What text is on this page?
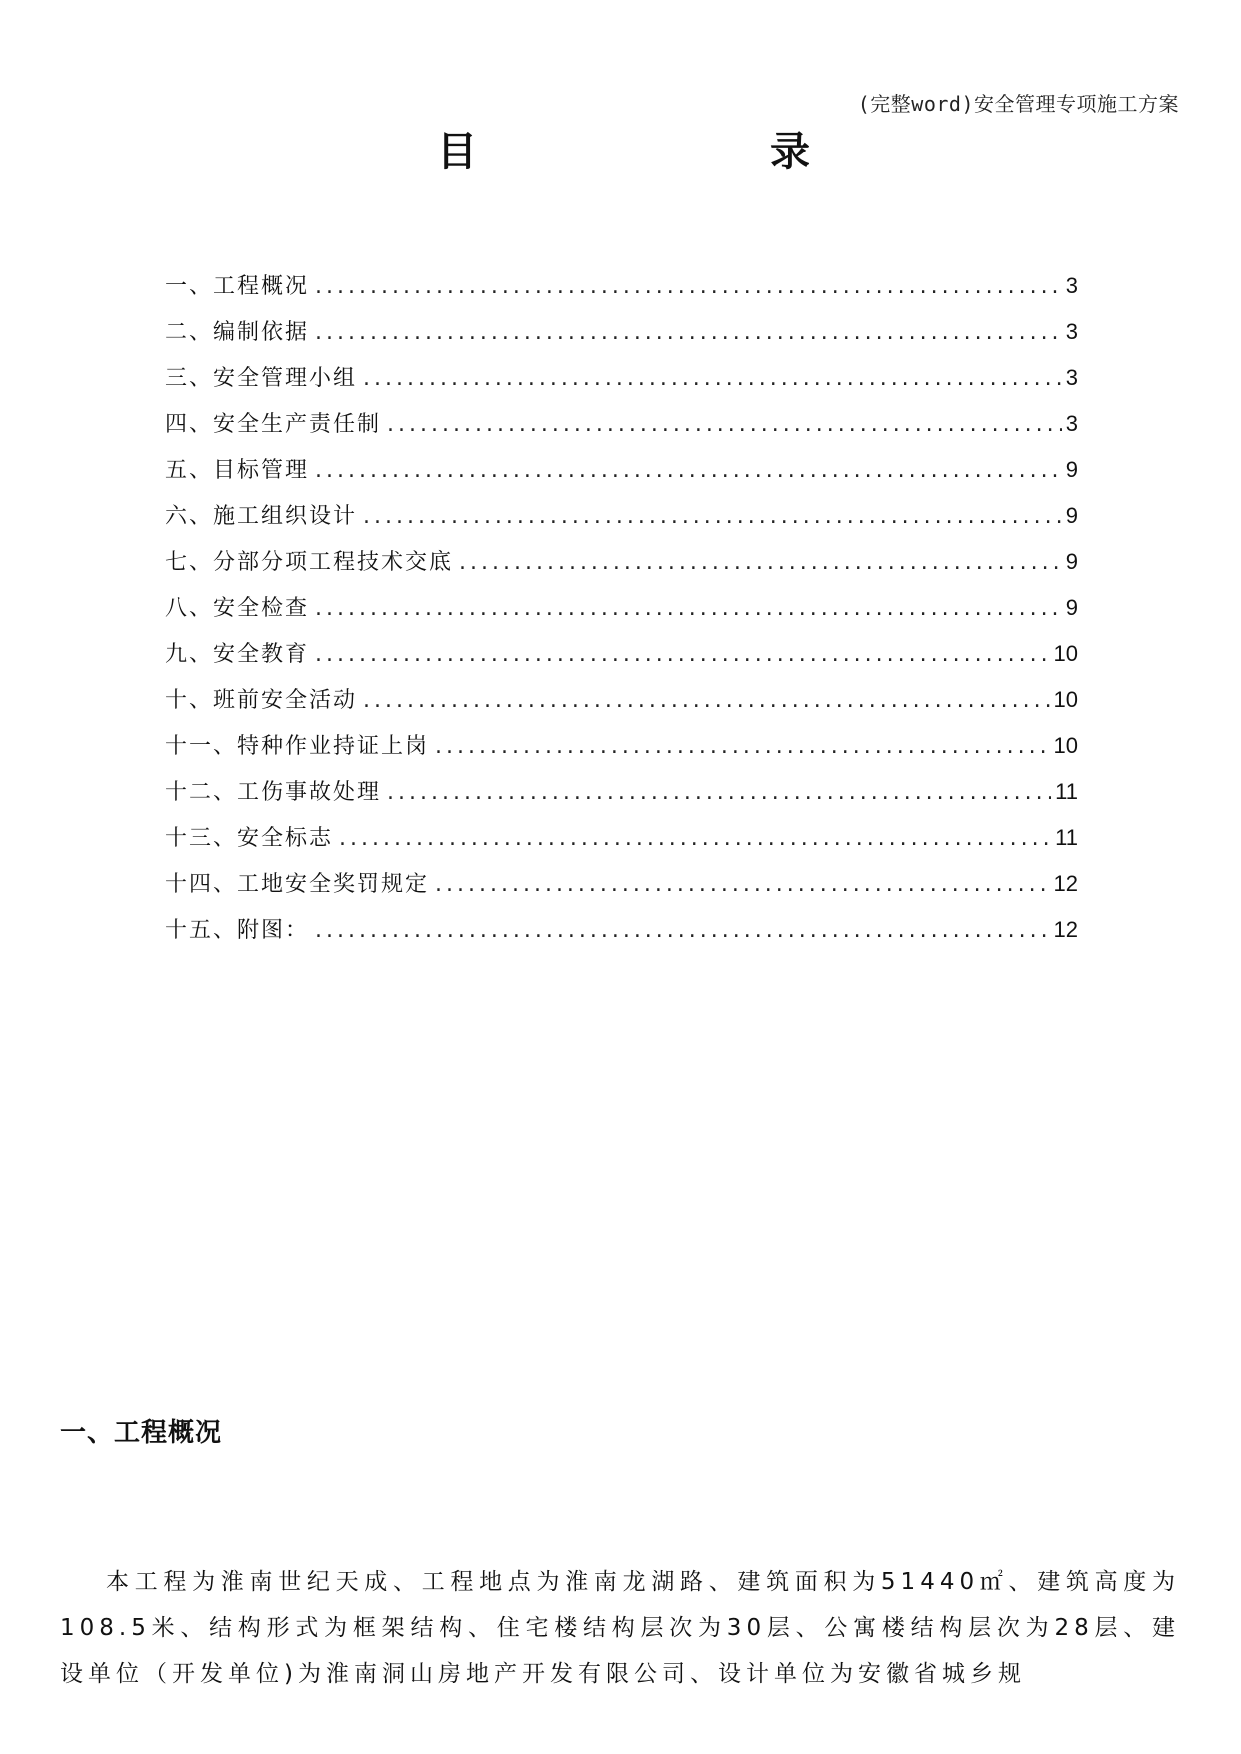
(完整word)安全管理专项施工方案
目	录
一、工程概况 .....	3
二、编制依据 .....	3
三、安全管理小组 .....	3
四、安全生产责任制 .....	3
五、目标管理 .....	9
六、施工组织设计 .....	9
七、分部分项工程技术交底 .....	9
八、安全检查 .....	9
九、安全教育 .....	10
十、班前安全活动 .....	10
十一、特种作业持证上岗 .....	10
十二、工伤事故处理 .....	11
十三、安全标志 .....	11
十四、工地安全奖罚规定 .....	12
十五、附图： .....	12
一、工程概况

本工程为淮南世纪天成、工程地点为淮南龙湖路、建筑面积为51440㎡、建筑高度为108.5米、结构形式为框架结构、住宅楼结构层次为30层、公寓楼结构层次为28层、建设单位（开发单位)为淮南洞山房地产开发有限公司、设计单位为安徽省城乡规
